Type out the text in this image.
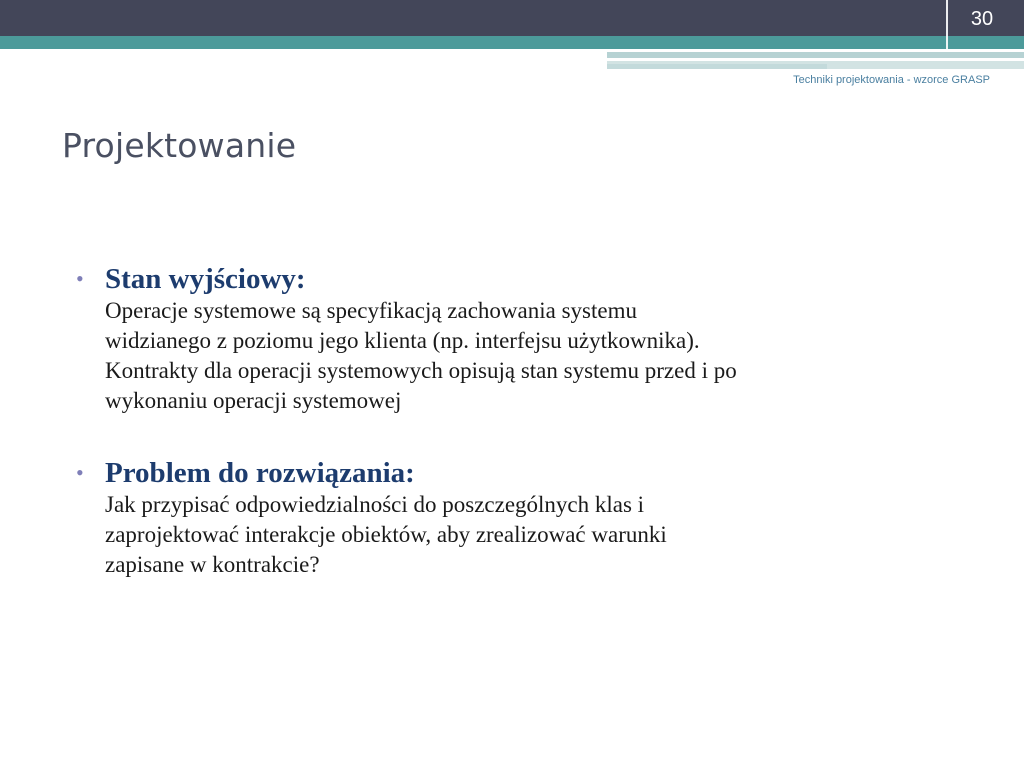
30
Techniki projektowania - wzorce GRASP
Projektowanie
• Stan wyjściowy:
Operacje systemowe są specyfikacją zachowania systemu
widzianego z poziomu jego klienta (np. interfejsu użytkownika).
Kontrakty dla operacji systemowych opisują stan systemu przed i po
wykonaniu operacji systemowej
• Problem do rozwiązania:
Jak przypisać odpowiedzialności do poszczególnych klas i
zaprojektować interakcje obiektów, aby zrealizować warunki
zapisane w kontrakcie?
